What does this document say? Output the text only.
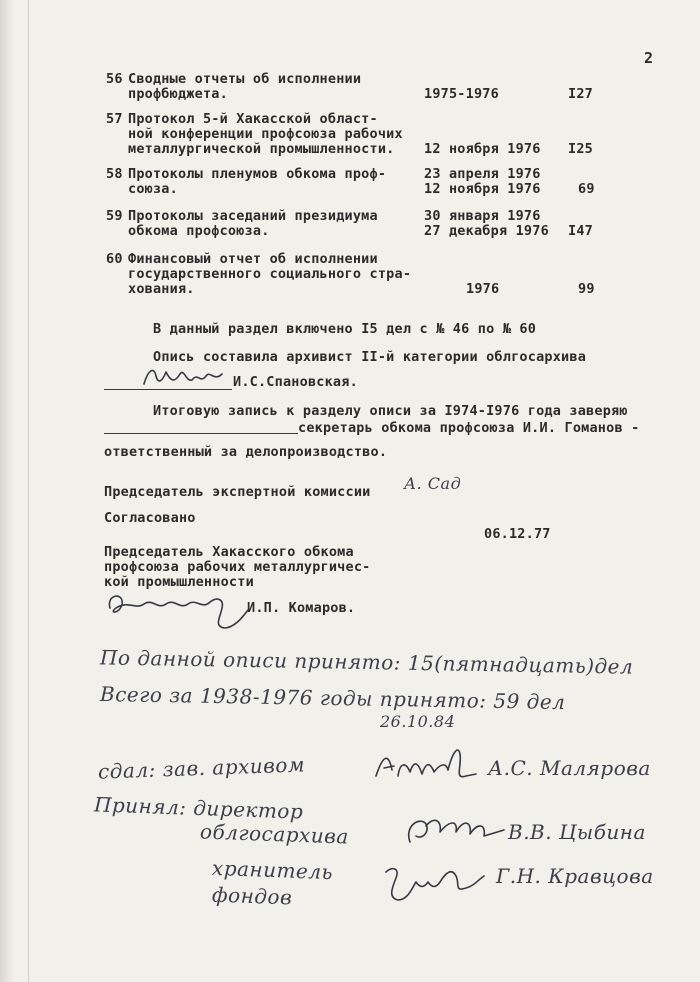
2
56 Сводные отчеты об исполнении
профбюджета.	1975-1976	I27
57 Протокол 5-й Хакасской област-
ной конференции профсоюза рабочих
металлургической промышленности. 12 ноября 1976 I25
58 Протоколы пленумов обкома проф-
союза.
23 апреля 1976
12 ноября 1976	69
59 Протоколы заседаний президиума
обкома профсоюза.
30 января 1976
27 декабря 1976 I47
60 Финансовый отчет об исполнении
государственного социального стра-
хования.	1976	99
В данный раздел включено I5 дел с № 46 по № 60
Опись составила архивист II-й категории облгосархива
И.С.Спановская.
Итоговую запись к разделу описи за I974-I976 года заверяю
секретарь обкома профсоюза И.И. Гоманов -
ответственный за делопроизводство.
Председатель экспертной комиссии А. Сад
Согласовано
06.12.77
Председатель Хакасского обкома
профсоюза рабочих металлургичес-
кой промышленности
И.П. Комаров.
По данной описи принято: 15(пятнадцать)дел
Всего за 1938-1976 годы принято: 59 дел
26.10.84
сдал: зав. архивом	А.С. Малярова
Принял: директор
облгосархива	В.В. Цыбина
хранитель
фондов
Г.Н. Кравцова
